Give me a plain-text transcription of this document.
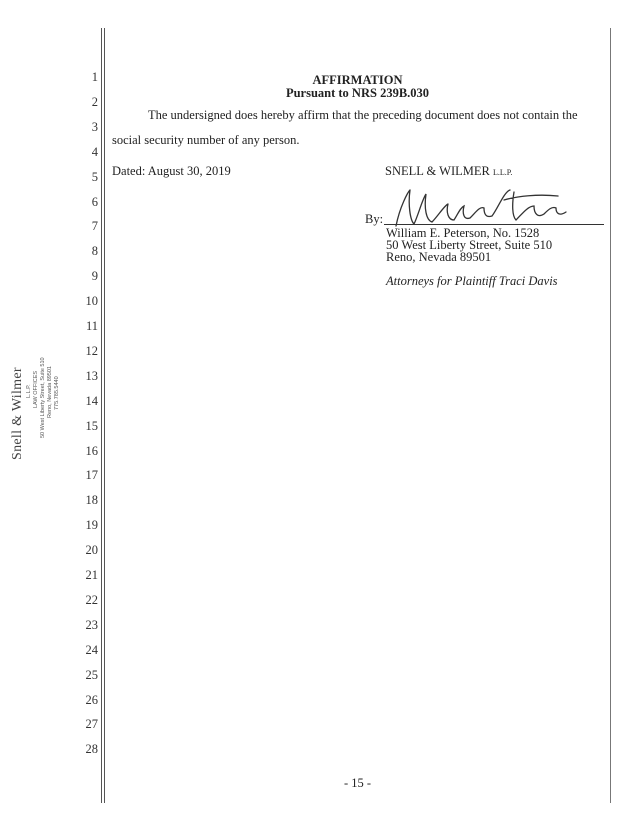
Snell & Wilmer L.L.P. LAW OFFICES 50 West Liberty Street, Suite 510 Reno, Nevada 89501 775.785.5440
1
2
3
4
5
6
7
8
9
10
11
12
13
14
15
16
17
18
19
20
21
22
23
24
25
26
27
28
AFFIRMATION
Pursuant to NRS 239B.030
The undersigned does hereby affirm that the preceding document does not contain the
social security number of any person.
Dated: August 30, 2019	SNELL & WILMER L.L.P.
By:
William E. Peterson, No. 1528
50 West Liberty Street, Suite 510
Reno, Nevada 89501
Attorneys for Plaintiff Traci Davis
- 15 -
